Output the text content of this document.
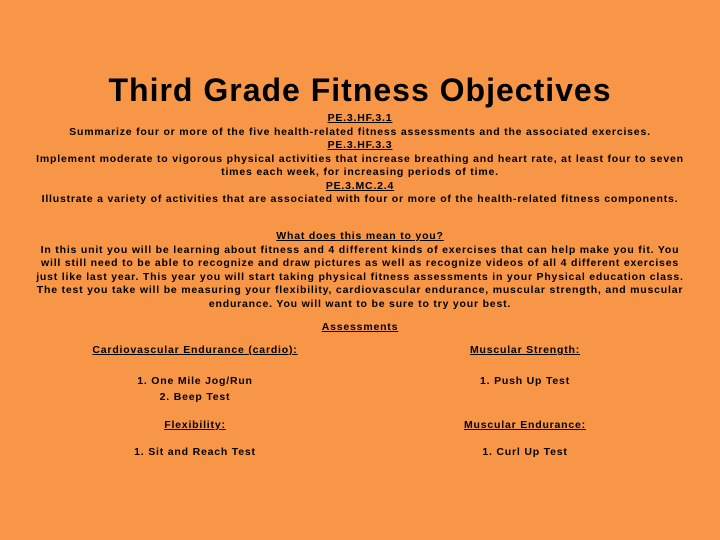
Third Grade Fitness Objectives
PE.3.HF.3.1
Summarize four or more of the five health-related fitness assessments and the associated exercises.
PE.3.HF.3.3
Implement moderate to vigorous physical activities that increase breathing and heart rate, at least four to seven times each week, for increasing periods of time.
PE.3.MC.2.4
Illustrate a variety of activities that are associated with four or more of the health-related fitness components.
What does this mean to you?
In this unit you will be learning about fitness and 4 different kinds of exercises that can help make you fit. You will still need to be able to recognize and draw pictures as well as recognize videos of all 4 different exercises just like last year. This year you will start taking physical fitness assessments in your Physical education class. The test you take will be measuring your flexibility, cardiovascular endurance, muscular strength, and muscular endurance. You will want to be sure to try your best.
Assessments
Cardiovascular Endurance (cardio):	Muscular Strength:
1. One Mile Jog/Run
2. Beep Test
1. Push Up Test
Flexibility:	Muscular Endurance:
1. Sit and Reach Test	1. Curl Up Test
